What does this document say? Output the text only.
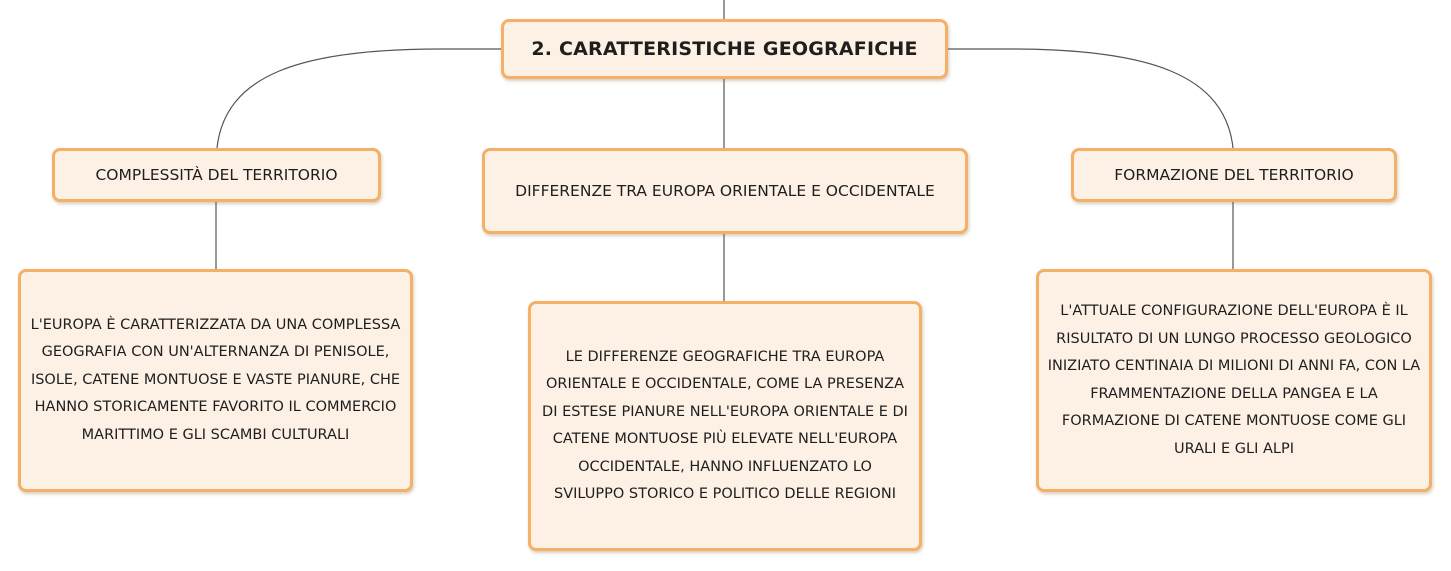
2. CARATTERISTICHE GEOGRAFICHE
COMPLESSITÀ DEL TERRITORIO
DIFFERENZE TRA EUROPA ORIENTALE E OCCIDENTALE
FORMAZIONE DEL TERRITORIO
L'EUROPA È CARATTERIZZATA DA UNA COMPLESSA GEOGRAFIA CON UN'ALTERNANZA DI PENISOLE, ISOLE, CATENE MONTUOSE E VASTE PIANURE, CHE HANNO STORICAMENTE FAVORITO IL COMMERCIO MARITTIMO E GLI SCAMBI CULTURALI
LE DIFFERENZE GEOGRAFICHE TRA EUROPA ORIENTALE E OCCIDENTALE, COME LA PRESENZA DI ESTESE PIANURE NELL'EUROPA ORIENTALE E DI CATENE MONTUOSE PIÙ ELEVATE NELL'EUROPA OCCIDENTALE, HANNO INFLUENZATO LO SVILUPPO STORICO E POLITICO DELLE REGIONI
L'ATTUALE CONFIGURAZIONE DELL'EUROPA È IL RISULTATO DI UN LUNGO PROCESSO GEOLOGICO INIZIATO CENTINAIA DI MILIONI DI ANNI FA, CON LA FRAMMENTAZIONE DELLA PANGEA E LA FORMAZIONE DI CATENE MONTUOSE COME GLI URALI E GLI ALPI
